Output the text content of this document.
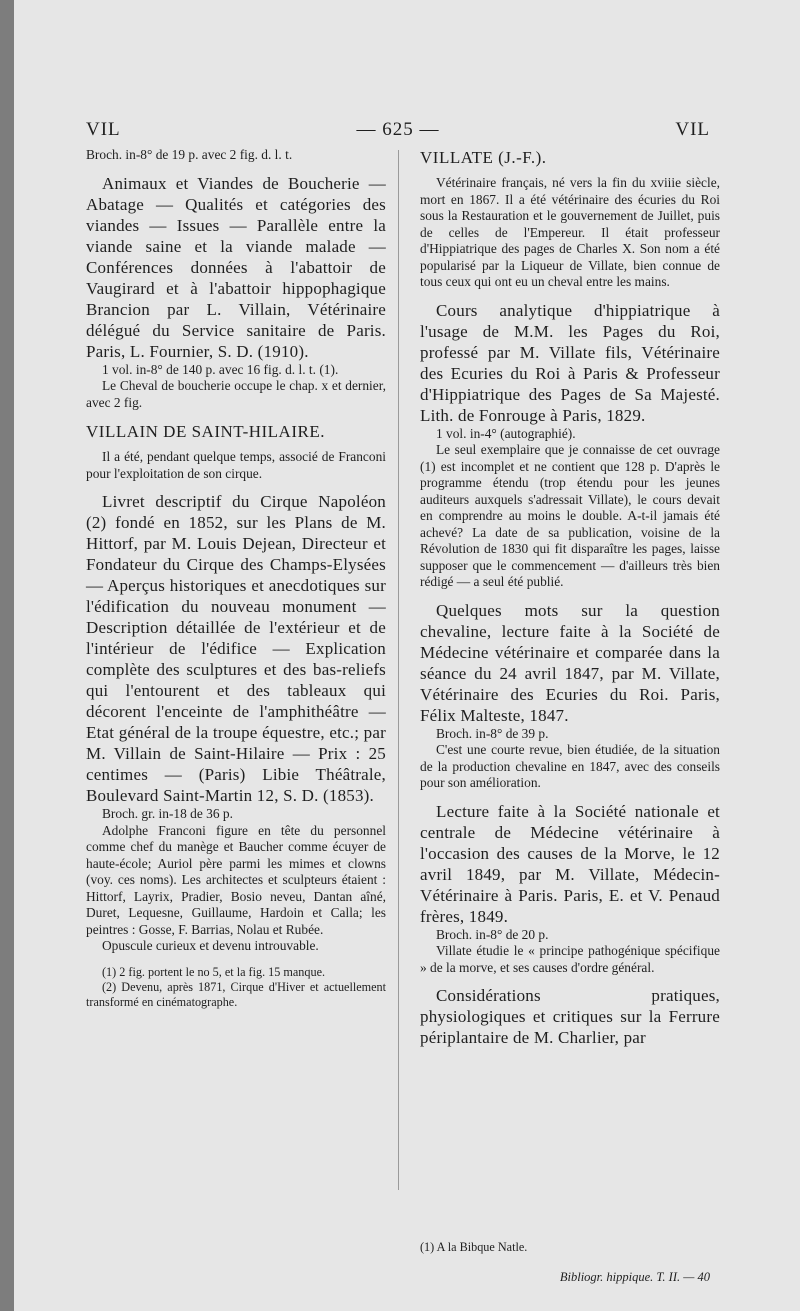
VIL	— 625 —	VIL

Broch. in-8° de 19 p. avec 2 fig. d. l. t.

Animaux et Viandes de Boucherie — Abatage — Qualités et catégories des viandes — Issues — Parallèle entre la viande saine et la viande malade — Conférences données à l'abattoir de Vaugirard et à l'abattoir hippophagique Brancion par L. Villain, Vétérinaire délégué du Service sanitaire de Paris. Paris, L. Fournier, S. D. (1910).

1 vol. in-8° de 140 p. avec 16 fig. d. l. t. (1).

Le Cheval de boucherie occupe le chap. x et dernier, avec 2 fig.

VILLAIN DE SAINT-HILAIRE.

Il a été, pendant quelque temps, associé de Franconi pour l'exploitation de son cirque.

Livret descriptif du Cirque Napoléon (2) fondé en 1852, sur les Plans de M. Hittorf, par M. Louis Dejean, Directeur et Fondateur du Cirque des Champs-Elysées — Aperçus historiques et anecdotiques sur l'édification du nouveau monument — Description détaillée de l'extérieur et de l'intérieur de l'édifice — Explication complète des sculptures et des bas-reliefs qui l'entourent et des tableaux qui décorent l'enceinte de l'amphithéâtre — Etat général de la troupe équestre, etc.; par M. Villain de Saint-Hilaire — Prix : 25 centimes — (Paris) Libie Théâtrale, Boulevard Saint-Martin 12, S. D. (1853).

Broch. gr. in-18 de 36 p.

Adolphe Franconi figure en tête du personnel comme chef du manège et Baucher comme écuyer de haute-école; Auriol père parmi les mimes et clowns (voy. ces noms). Les architectes et sculpteurs étaient : Hittorf, Layrix, Pradier, Bosio neveu, Dantan aîné, Duret, Lequesne, Guillaume, Hardoin et Calla; les peintres : Gosse, F. Barrias, Nolau et Rubée.

Opuscule curieux et devenu introuvable.

(1) 2 fig. portent le no 5, et la fig. 15 manque.

(2) Devenu, après 1871, Cirque d'Hiver et actuellement transformé en cinématographe.

VILLATE (J.-F.).

Vétérinaire français, né vers la fin du xviiie siècle, mort en 1867. Il a été vétérinaire des écuries du Roi sous la Restauration et le gouvernement de Juillet, puis de celles de l'Empereur. Il était professeur d'Hippiatrique des pages de Charles X. Son nom a été popularisé par la Liqueur de Villate, bien connue de tous ceux qui ont eu un cheval entre les mains.

Cours analytique d'hippiatrique à l'usage de M.M. les Pages du Roi, professé par M. Villate fils, Vétérinaire des Ecuries du Roi à Paris & Professeur d'Hippiatrique des Pages de Sa Majesté. Lith. de Fonrouge à Paris, 1829.

1 vol. in-4° (autographié).

Le seul exemplaire que je connaisse de cet ouvrage (1) est incomplet et ne contient que 128 p. D'après le programme étendu (trop étendu pour les jeunes auditeurs auxquels s'adressait Villate), le cours devait en comprendre au moins le double. A-t-il jamais été achevé? La date de sa publication, voisine de la Révolution de 1830 qui fit disparaître les pages, laisse supposer que le commencement — d'ailleurs très bien rédigé — a seul été publié.

Quelques mots sur la question chevaline, lecture faite à la Société de Médecine vétérinaire et comparée dans la séance du 24 avril 1847, par M. Villate, Vétérinaire des Ecuries du Roi. Paris, Félix Malteste, 1847.

Broch. in-8° de 39 p.

C'est une courte revue, bien étudiée, de la situation de la production chevaline en 1847, avec des conseils pour son amélioration.

Lecture faite à la Société nationale et centrale de Médecine vétérinaire à l'occasion des causes de la Morve, le 12 avril 1849, par M. Villate, Médecin-Vétérinaire à Paris. Paris, E. et V. Penaud frères, 1849.

Broch. in-8° de 20 p.

Villate étudie le « principe pathogénique spécifique » de la morve, et ses causes d'ordre général.

Considérations pratiques, physiologiques et critiques sur la Ferrure périplantaire de M. Charlier, par

(1) A la Bibque Natle.

Bibliogr. hippique. T. II. — 40
